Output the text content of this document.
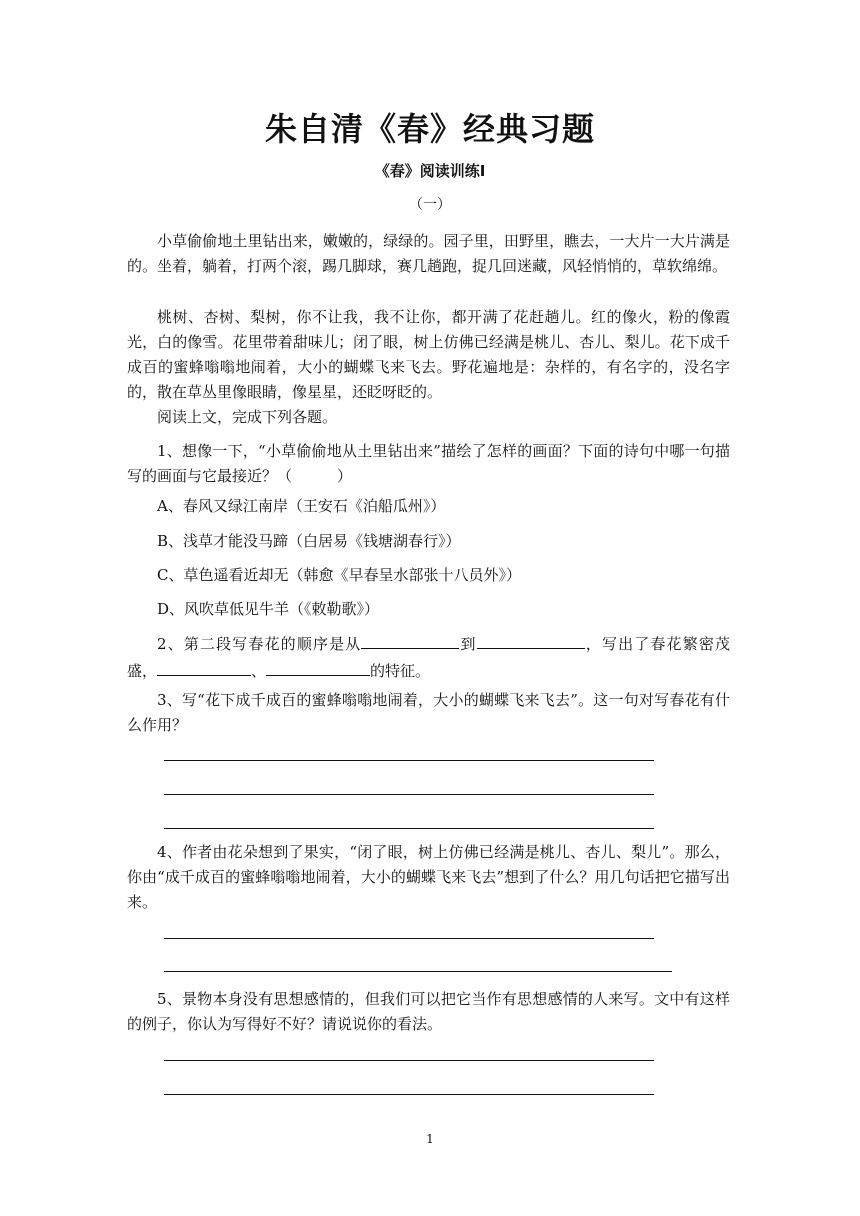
朱自清《春》经典习题
《春》阅读训练Ⅰ
（一）

小草偷偷地土里钻出来，嫩嫩的，绿绿的。园子里，田野里，瞧去，一大片一大片满是的。坐着，躺着，打两个滚，踢几脚球，赛几趟跑，捉几回迷藏，风轻悄悄的，草软绵绵。

桃树、杏树、梨树，你不让我，我不让你，都开满了花赶趟儿。红的像火，粉的像霞光，白的像雪。花里带着甜味儿；闭了眼，树上仿佛已经满是桃儿、杏儿、梨儿。花下成千成百的蜜蜂嗡嗡地闹着，大小的蝴蝶飞来飞去。野花遍地是：杂样的，有名字的，没名字的，散在草丛里像眼睛，像星星，还眨呀眨的。

阅读上文，完成下列各题。

1、想像一下，“小草偷偷地从土里钻出来”描绘了怎样的画面？下面的诗句中哪一句描写的画面与它最接近？（　　　）

A、春风又绿江南岸（王安石《泊船瓜州》）

B、浅草才能没马蹄（白居易《钱塘湖春行》）

C、草色遥看近却无（韩愈《早春呈水部张十八员外》）

D、风吹草低见牛羊（《敕勒歌》）

2、第二段写春花的顺序是从	到	，写出了春花繁密茂盛，	、	的特征。

3、写“花下成千成百的蜜蜂嗡嗡地闹着，大小的蝴蝶飞来飞去”。这一句对写春花有什么作用？

4、作者由花朵想到了果实，“闭了眼，树上仿佛已经满是桃儿、杏儿、梨儿”。那么，你由“成千成百的蜜蜂嗡嗡地闹着，大小的蝴蝶飞来飞去”想到了什么？用几句话把它描写出来。

5、景物本身没有思想感情的，但我们可以把它当作有思想感情的人来写。文中有这样的例子，你认为写得好不好？请说说你的看法。

1
